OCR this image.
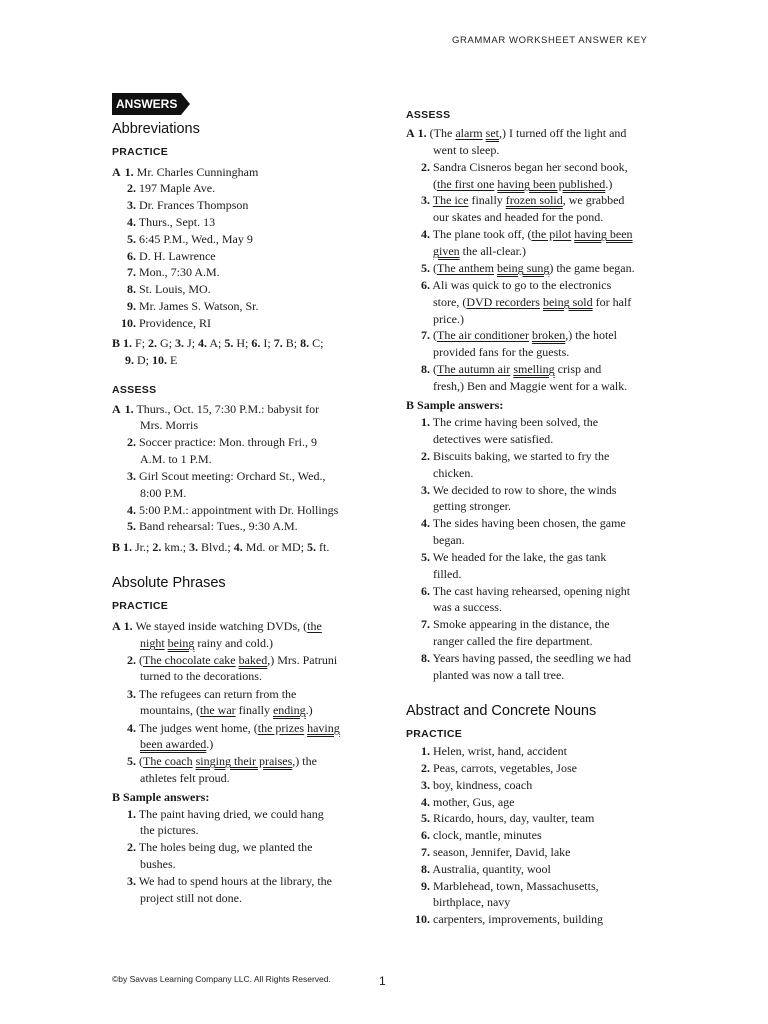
GRAMMAR WORKSHEET ANSWER KEY
ANSWERS
Abbreviations
PRACTICE
A 1. Mr. Charles Cunningham
2. 197 Maple Ave.
3. Dr. Frances Thompson
4. Thurs., Sept. 13
5. 6:45 P.M., Wed., May 9
6. D. H. Lawrence
7. Mon., 7:30 A.M.
8. St. Louis, MO.
9. Mr. James S. Watson, Sr.
10. Providence, RI
B 1. F; 2. G; 3. J; 4. A; 5. H; 6. I; 7. B; 8. C;
9. D; 10. E
ASSESS
A 1. Thurs., Oct. 15, 7:30 P.M.: babysit for
Mrs. Morris
2. Soccer practice: Mon. through Fri., 9
A.M. to 1 P.M.
3. Girl Scout meeting: Orchard St., Wed.,
8:00 P.M.
4. 5:00 P.M.: appointment with Dr. Hollings
5. Band rehearsal: Tues., 9:30 A.M.
B 1. Jr.; 2. km.; 3. Blvd.; 4. Md. or MD; 5. ft.
Absolute Phrases
PRACTICE
A 1. We stayed inside watching DVDs, (the
night being rainy and cold.)
2. (The chocolate cake baked,) Mrs. Patruni
turned to the decorations.
3. The refugees can return from the
mountains, (the war finally ending.)
4. The judges went home, (the prizes having
been awarded.)
5. (The coach singing their praises,) the
athletes felt proud.
B Sample answers:
1. The paint having dried, we could hang
the pictures.
2. The holes being dug, we planted the
bushes.
3. We had to spend hours at the library, the
project still not done.
ASSESS
A 1. (The alarm set,) I turned off the light and
went to sleep.
2. Sandra Cisneros began her second book,
(the first one having been published.)
3. The ice finally frozen solid, we grabbed
our skates and headed for the pond.
4. The plane took off, (the pilot having been
given the all-clear.)
5. (The anthem being sung) the game began.
6. Ali was quick to go to the electronics
store, (DVD recorders being sold for half
price.)
7. (The air conditioner broken,) the hotel
provided fans for the guests.
8. (The autumn air smelling crisp and
fresh,) Ben and Maggie went for a walk.
B Sample answers:
1. The crime having been solved, the
detectives were satisfied.
2. Biscuits baking, we started to fry the
chicken.
3. We decided to row to shore, the winds
getting stronger.
4. The sides having been chosen, the game
began.
5. We headed for the lake, the gas tank
filled.
6. The cast having rehearsed, opening night
was a success.
7. Smoke appearing in the distance, the
ranger called the fire department.
8. Years having passed, the seedling we had
planted was now a tall tree.
Abstract and Concrete Nouns
PRACTICE
1. Helen, wrist, hand, accident
2. Peas, carrots, vegetables, Jose
3. boy, kindness, coach
4. mother, Gus, age
5. Ricardo, hours, day, vaulter, team
6. clock, mantle, minutes
7. season, Jennifer, David, lake
8. Australia, quantity, wool
9. Marblehead, town, Massachusetts,
birthplace, navy
10. carpenters, improvements, building
©by Savvas Learning Company LLC. All Rights Reserved.	1
